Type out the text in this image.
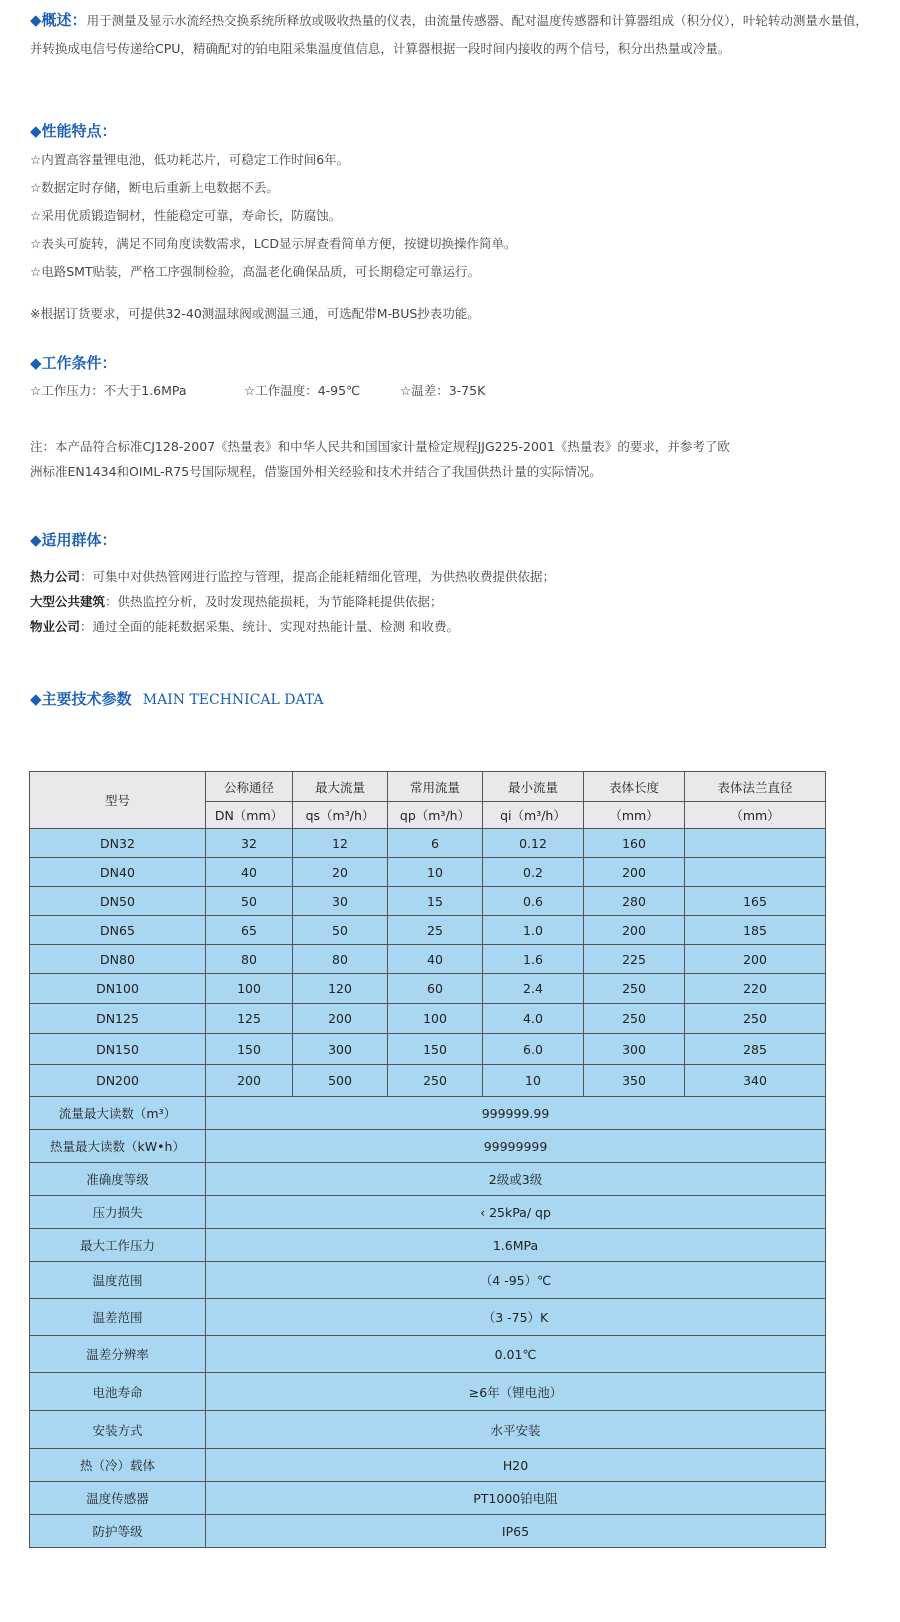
◆概述：用于测量及显示水流经热交换系统所释放或吸收热量的仪表，由流量传感器、配对温度传感器和计算器组成（积分仪），叶轮转动测量水量值，并转换成电信号传递给CPU，精确配对的铂电阻采集温度值信息，计算器根据一段时间内接收的两个信号，积分出热量或冷量。
◆性能特点：
☆内置高容量锂电池，低功耗芯片，可稳定工作时间6年。
☆数据定时存储，断电后重新上电数据不丢。
☆采用优质锻造铜材，性能稳定可靠，寿命长，防腐蚀。
☆表头可旋转，满足不同角度读数需求，LCD显示屏查看简单方便，按键切换操作简单。
☆电路SMT贴装，严格工序强制检验，高温老化确保品质，可长期稳定可靠运行。
※根据订货要求，可提供32-40测温球阀或测温三通，可选配带M-BUS抄表功能。
◆工作条件：
☆工作压力：不大于1.6MPa	☆工作温度：4-95℃	☆温差：3-75K
注：本产品符合标准CJ128-2007《热量表》和中华人民共和国国家计量检定规程JJG225-2001《热量表》的要求，并参考了欧
洲标准EN1434和OIML-R75号国际规程，借鉴国外相关经验和技术并结合了我国供热计量的实际情况。
◆适用群体：
热力公司：可集中对供热管网进行监控与管理，提高企能耗精细化管理，为供热收费提供依据；
大型公共建筑：供热监控分析，及时发现热能损耗，为节能降耗提供依据；
物业公司：通过全面的能耗数据采集、统计、实现对热能计量、检测 和收费。
◆主要技术参数 MAIN TECHNICAL DATA
型号	公称通径	最大流量	常用流量	最小流量	表体长度	表体法兰直径
	DN（mm）	qs（m³/h）	qp（m³/h）	qi（m³/h）	（mm）	（mm）
DN32	32	12	6	0.12	160	
DN40	40	20	10	0.2	200	
DN50	50	30	15	0.6	280	165
DN65	65	50	25	1.0	200	185
DN80	80	80	40	1.6	225	200
DN100	100	120	60	2.4	250	220
DN125	125	200	100	4.0	250	250
DN150	150	300	150	6.0	300	285
DN200	200	500	250	10	350	340
流量最大读数（m³）	999999.99					
热量最大读数（kW•h）	99999999					
准确度等级	2级或3级					
压力损失	‹ 25kPa/ qp					
最大工作压力	1.6MPa					
温度范围	（4 -95）℃					
温差范围	（3 -75）K					
温差分辨率	0.01℃					
电池寿命	≥6年（锂电池）					
安装方式	水平安装					
热（冷）载体	H20					
温度传感器	PT1000铂电阻					
防护等级	IP65					
